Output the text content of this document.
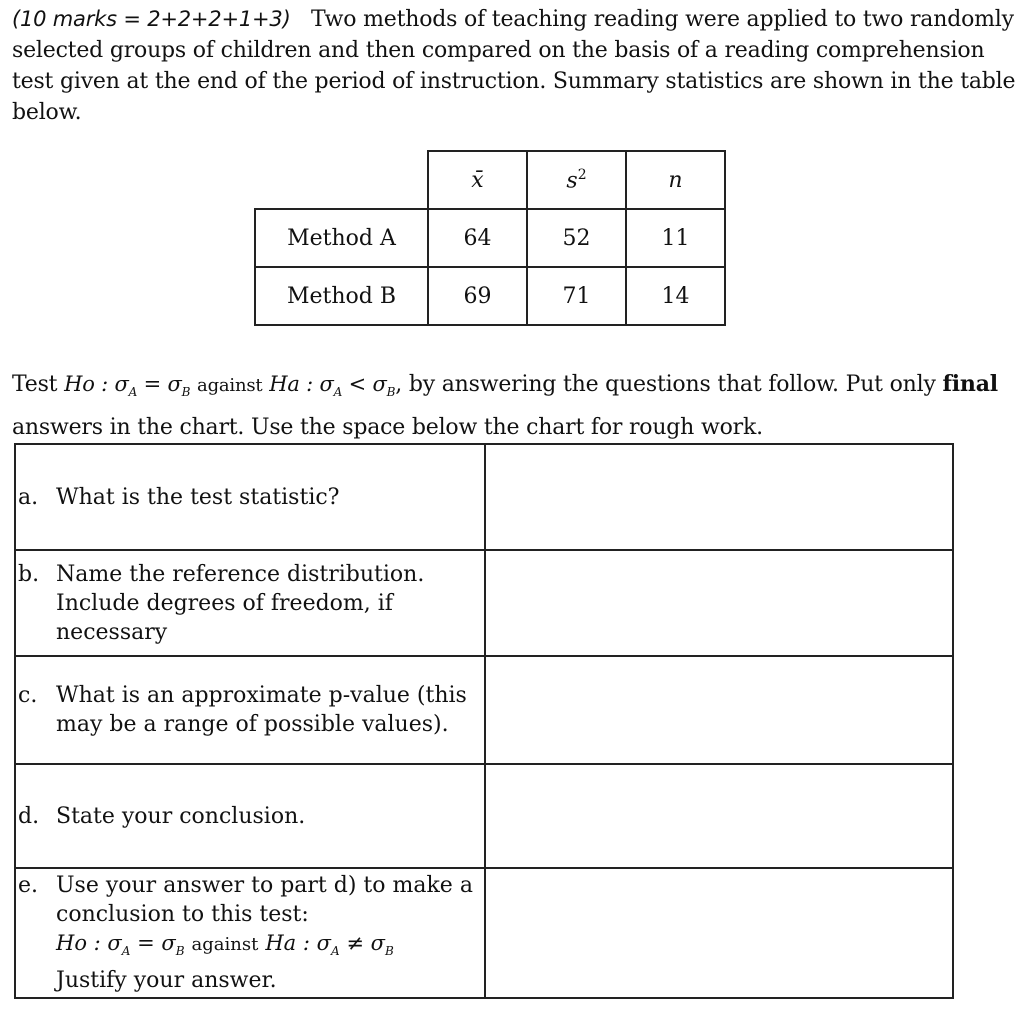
(10 marks = 2+2+2+1+3) Two methods of teaching reading were applied to two randomly selected groups of children and then compared on the basis of a reading comprehension test given at the end of the period of instruction. Summary statistics are shown in the table below.
	x̄	$s^2$	n
Method A	64	52	11
Method B	69	71	14
Test Ho : $\sigma_A = \sigma_B$ against Ha : $\sigma_A < \sigma_B$, by answering the questions that follow. Put only final answers in the chart. Use the space below the chart for rough work.
a. What is the test statistic?	

b. Name the reference distribution. Include degrees of freedom, if necessary	

c. What is an approximate p-value (this may be a range of possible values).	

d. State your conclusion.	

e. Use your answer to part d) to make a conclusion to this test:
Ho : $\sigma_A = \sigma_B$ against Ha : $\sigma_A \ne \sigma_B$
Justify your answer.	
